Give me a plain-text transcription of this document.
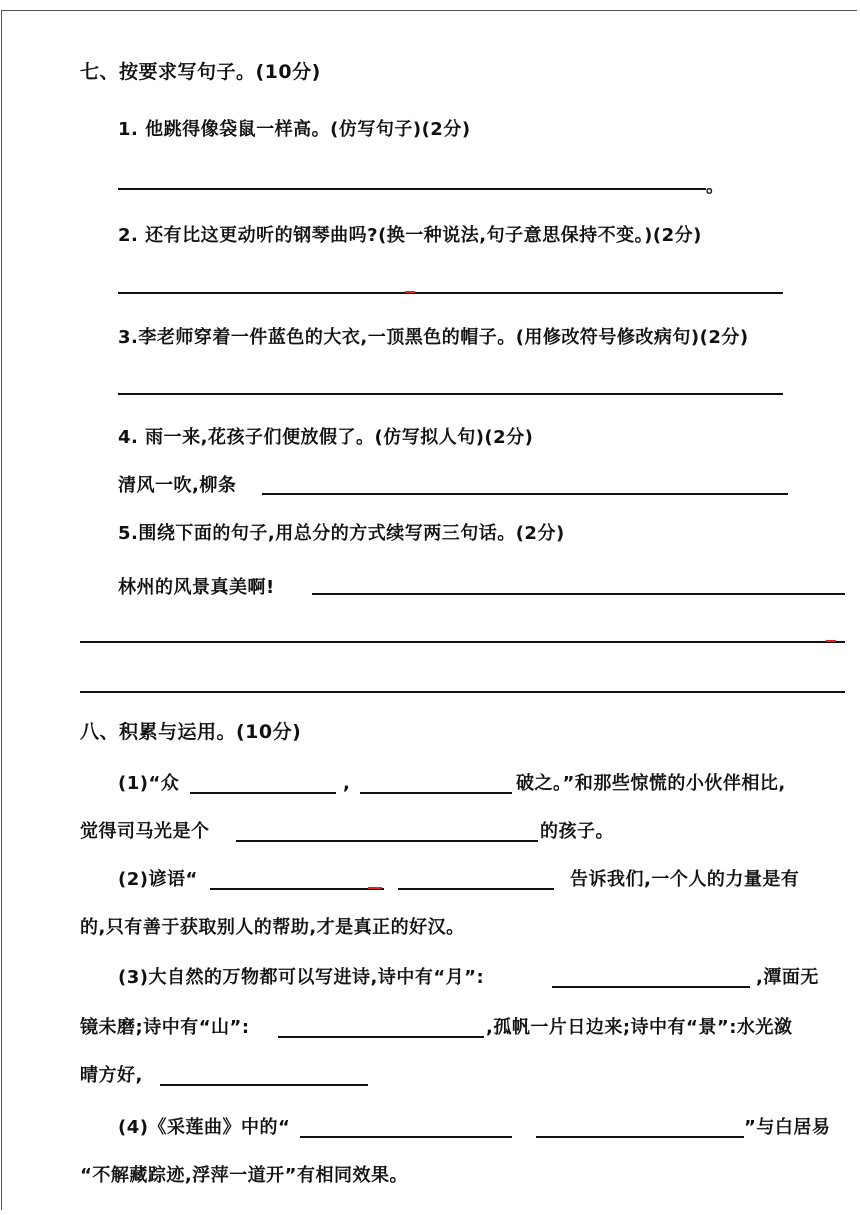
七、按要求写句子。(10分)
1. 他跳得像袋鼠一样高。(仿写句子)(2分)
。
2. 还有比这更动听的钢琴曲吗?(换一种说法,句子意思保持不变。)(2分)
3.李老师穿着一件蓝色的大衣,一顶黑色的帽子。(用修改符号修改病句)(2分)
4. 雨一来,花孩子们便放假了。(仿写拟人句)(2分)
清风一吹,柳条
5.围绕下面的句子,用总分的方式续写两三句话。(2分)
林州的风景真美啊!
八、积累与运用。(10分)
(1)“众	,	破之。”和那些惊慌的小伙伴相比,
觉得司马光是个	的孩子。
(2)谚语“	告诉我们,一个人的力量是有
的,只有善于获取别人的帮助,才是真正的好汉。
(3)大自然的万物都可以写进诗,诗中有“月”:	,潭面无
镜未磨;诗中有“山”:	,孤帆一片日边来;诗中有“景”:水光潋
晴方好,
(4)《采莲曲》中的“	”与白居易
“不解藏踪迹,浮萍一道开”有相同效果。
